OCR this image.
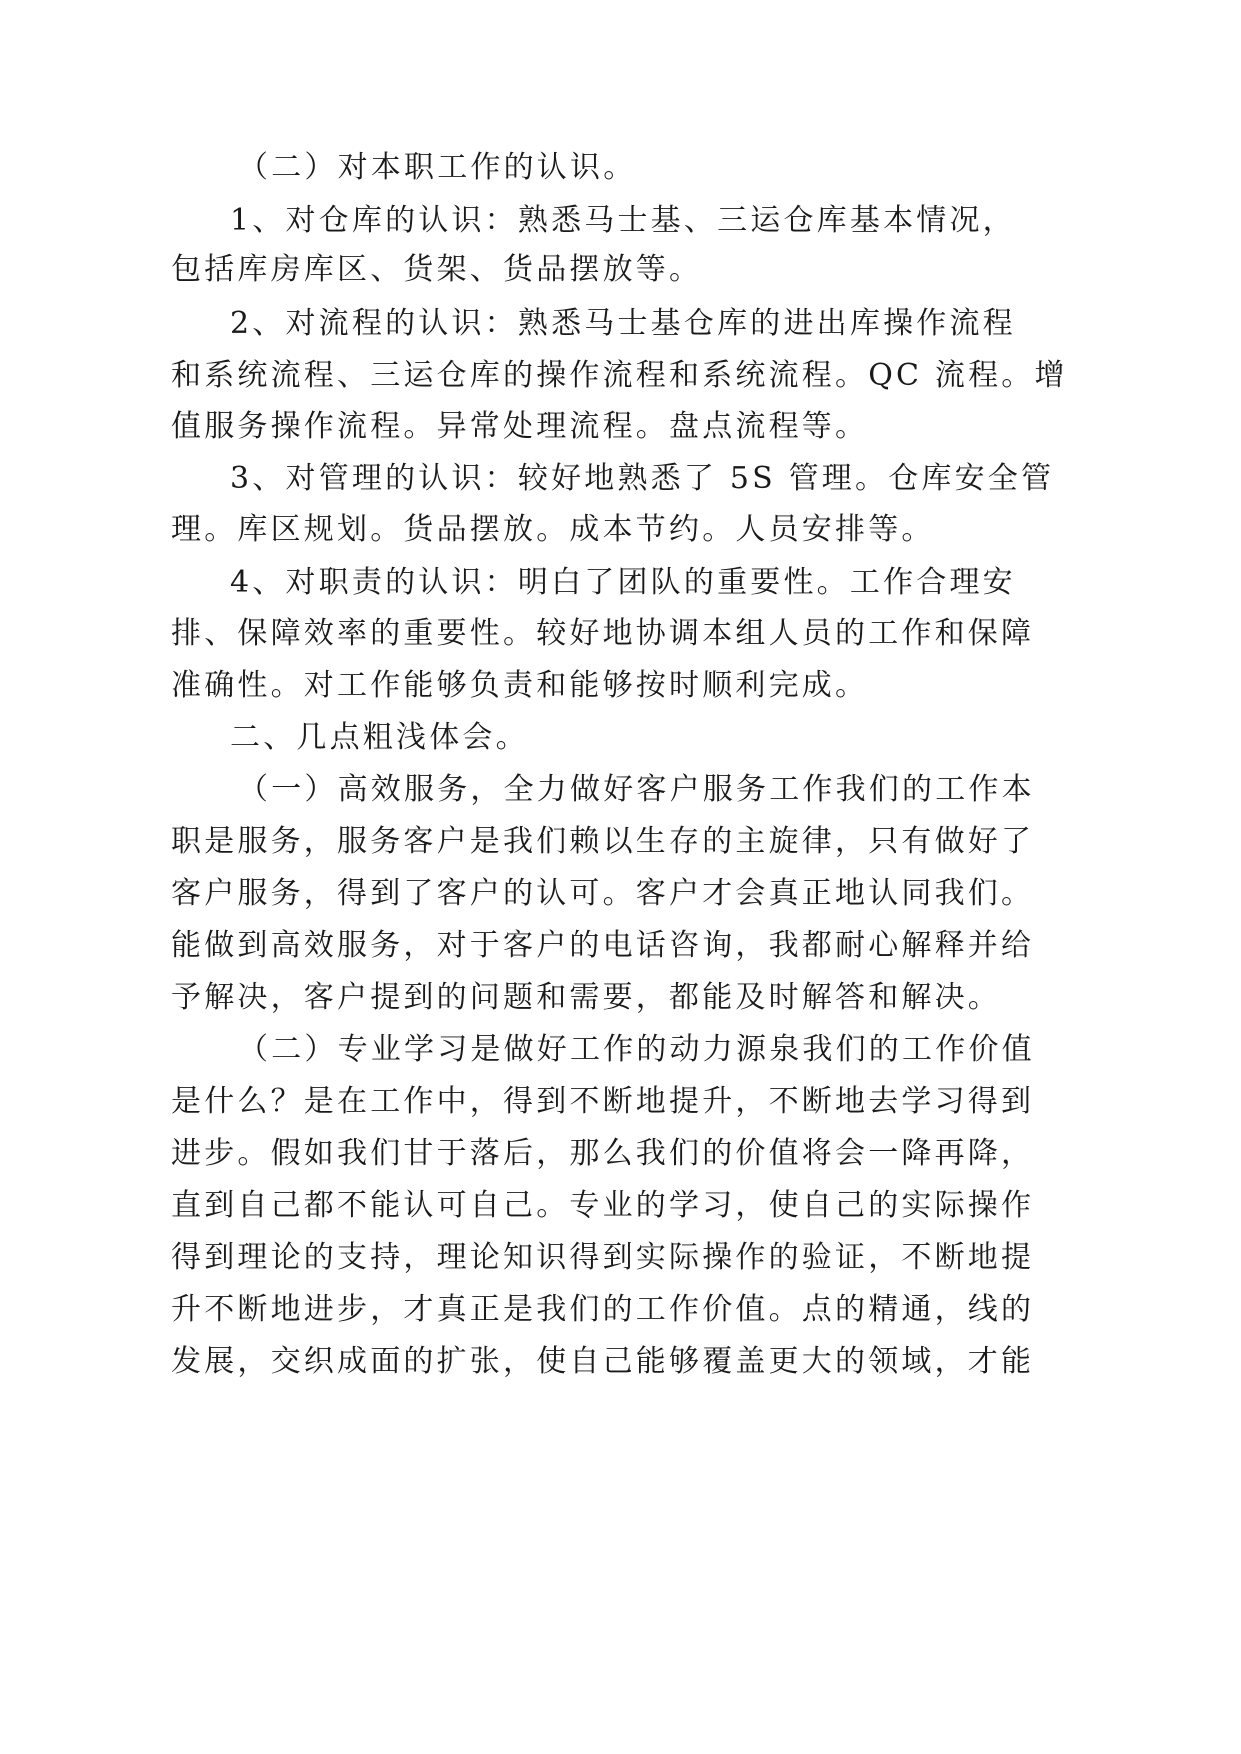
（二）对本职工作的认识。
1、对仓库的认识：熟悉马士基、三运仓库基本情况，
包括库房库区、货架、货品摆放等。
2、对流程的认识：熟悉马士基仓库的进出库操作流程
和系统流程、三运仓库的操作流程和系统流程。QC 流程。增
值服务操作流程。异常处理流程。盘点流程等。
3、对管理的认识：较好地熟悉了 5S 管理。仓库安全管
理。库区规划。货品摆放。成本节约。人员安排等。
4、对职责的认识：明白了团队的重要性。工作合理安
排、保障效率的重要性。较好地协调本组人员的工作和保障
准确性。对工作能够负责和能够按时顺利完成。
二、几点粗浅体会。
（一）高效服务，全力做好客户服务工作我们的工作本
职是服务，服务客户是我们赖以生存的主旋律，只有做好了
客户服务，得到了客户的认可。客户才会真正地认同我们。
能做到高效服务，对于客户的电话咨询，我都耐心解释并给
予解决，客户提到的问题和需要，都能及时解答和解决。
（二）专业学习是做好工作的动力源泉我们的工作价值
是什么？是在工作中，得到不断地提升，不断地去学习得到
进步。假如我们甘于落后，那么我们的价值将会一降再降，
直到自己都不能认可自己。专业的学习，使自己的实际操作
得到理论的支持，理论知识得到实际操作的验证，不断地提
升不断地进步，才真正是我们的工作价值。点的精通，线的
发展，交织成面的扩张，使自己能够覆盖更大的领域，才能
